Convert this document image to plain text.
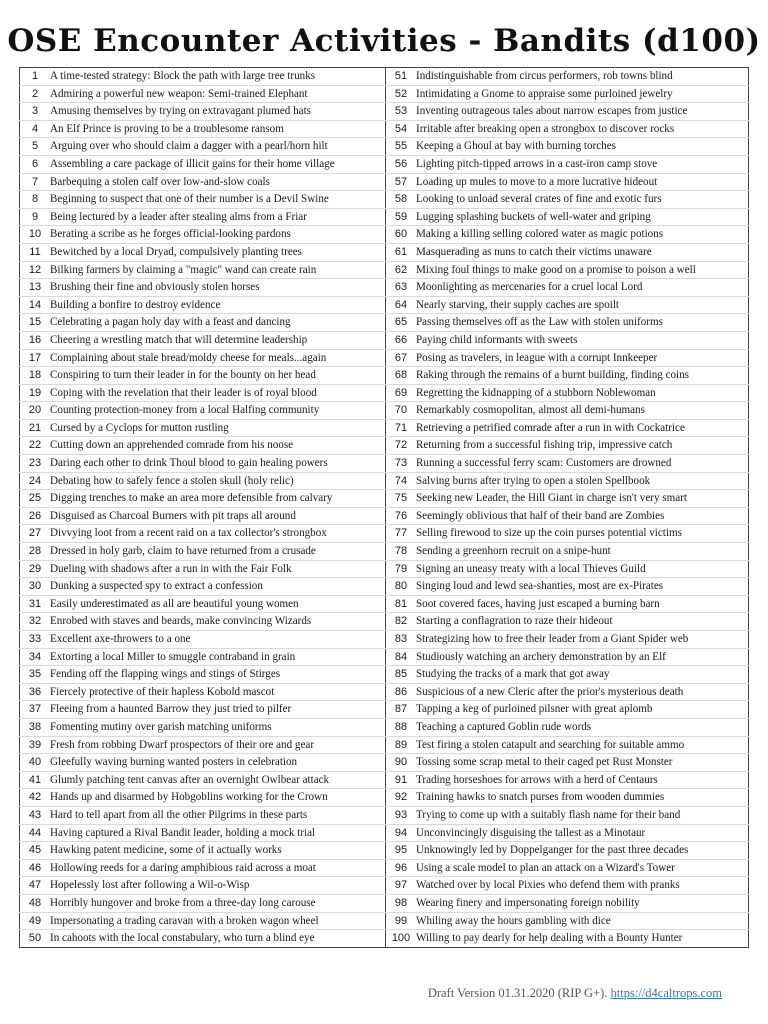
OSE Encounter Activities - Bandits (d100)
1	A time-tested strategy: Block the path with large tree trunks	51	Indistinguishable from circus performers, rob towns blind
2	Admiring a powerful new weapon: Semi-trained Elephant	52	Intimidating a Gnome to appraise some purloined jewelry
3	Amusing themselves by trying on extravagant plumed hats	53	Inventing outrageous tales about narrow escapes from justice
4	An Elf Prince is proving to be a troublesome ransom	54	Irritable after breaking open a strongbox to discover rocks
5	Arguing over who should claim a dagger with a pearl/horn hilt	55	Keeping a Ghoul at bay with burning torches
6	Assembling a care package of illicit gains for their home village	56	Lighting pitch-tipped arrows in a cast-iron camp stove
7	Barbequing a stolen calf over low-and-slow coals	57	Loading up mules to move to a more lucrative hideout
8	Beginning to suspect that one of their number is a Devil Swine	58	Looking to unload several crates of fine and exotic furs
9	Being lectured by a leader after stealing alms from a Friar	59	Lugging splashing buckets of well-water and griping
10	Berating a scribe as he forges official-looking pardons	60	Making a killing selling colored water as magic potions
11	Bewitched by a local Dryad, compulsively planting trees	61	Masquerading as nuns to catch their victims unaware
12	Bilking farmers by claiming a "magic" wand can create rain	62	Mixing foul things to make good on a promise to poison a well
13	Brushing their fine and obviously stolen horses	63	Moonlighting as mercenaries for a cruel local Lord
14	Building a bonfire to destroy evidence	64	Nearly starving, their supply caches are spoilt
15	Celebrating a pagan holy day with a feast and dancing	65	Passing themselves off as the Law with stolen uniforms
16	Cheering a wrestling match that will determine leadership	66	Paying child informants with sweets
17	Complaining about stale bread/moldy cheese for meals...again	67	Posing as travelers, in league with a corrupt Innkeeper
18	Conspiring to turn their leader in for the bounty on her head	68	Raking through the remains of a burnt building, finding coins
19	Coping with the revelation that their leader is of royal blood	69	Regretting the kidnapping of a stubborn Noblewoman
20	Counting protection-money from a local Halfing community	70	Remarkably cosmopolitan, almost all demi-humans
21	Cursed by a Cyclops for mutton rustling	71	Retrieving a petrified comrade after a run in with Cockatrice
22	Cutting down an apprehended comrade from his noose	72	Returning from a successful fishing trip, impressive catch
23	Daring each other to drink Thoul blood to gain healing powers	73	Running a successful ferry scam: Customers are drowned
24	Debating how to safely fence a stolen skull (holy relic)	74	Salving burns after trying to open a stolen Spellbook
25	Digging trenches to make an area more defensible from calvary	75	Seeking new Leader, the Hill Giant in charge isn't very smart
26	Disguised as Charcoal Burners with pit traps all around	76	Seemingly oblivious that half of their band are Zombies
27	Divvying loot from a recent raid on a tax collector's strongbox	77	Selling firewood to size up the coin purses potential victims
28	Dressed in holy garb, claim to have returned from a crusade	78	Sending a greenhorn recruit on a snipe-hunt
29	Dueling with shadows after a run in with the Fair Folk	79	Signing an uneasy treaty with a local Thieves Guild
30	Dunking a suspected spy to extract a confession	80	Singing loud and lewd sea-shanties, most are ex-Pirates
31	Easily underestimated as all are beautiful young women	81	Soot covered faces, having just escaped a burning barn
32	Enrobed with staves and beards, make convincing Wizards	82	Starting a conflagration to raze their hideout
33	Excellent axe-throwers to a one	83	Strategizing how to free their leader from a Giant Spider web
34	Extorting a local Miller to smuggle contraband in grain	84	Studiously watching an archery demonstration by an Elf
35	Fending off the flapping wings and stings of Stirges	85	Studying the tracks of a mark that got away
36	Fiercely protective of their hapless Kobold mascot	86	Suspicious of a new Cleric after the prior's mysterious death
37	Fleeing from a haunted Barrow they just tried to pilfer	87	Tapping a keg of purloined pilsner with great aplomb
38	Fomenting mutiny over garish matching uniforms	88	Teaching a captured Goblin rude words
39	Fresh from robbing Dwarf prospectors of their ore and gear	89	Test firing a stolen catapult and searching for suitable ammo
40	Gleefully waving burning wanted posters in celebration	90	Tossing some scrap metal to their caged pet Rust Monster
41	Glumly patching tent canvas after an overnight Owlbear attack	91	Trading horseshoes for arrows with a herd of Centaurs
42	Hands up and disarmed by Hobgoblins working for the Crown	92	Training hawks to snatch purses from wooden dummies
43	Hard to tell apart from all the other Pilgrims in these parts	93	Trying to come up with a suitably flash name for their band
44	Having captured a Rival Bandit leader, holding a mock trial	94	Unconvincingly disguising the tallest as a Minotaur
45	Hawking patent medicine, some of it actually works	95	Unknowingly led by Doppelganger for the past three decades
46	Hollowing reeds for a daring amphibious raid across a moat	96	Using a scale model to plan an attack on a Wizard's Tower
47	Hopelessly lost after following a Wil-o-Wisp	97	Watched over by local Pixies who defend them with pranks
48	Horribly hungover and broke from a three-day long carouse	98	Wearing finery and impersonating foreign nobility
49	Impersonating a trading caravan with a broken wagon wheel	99	Whiling away the hours gambling with dice
50	In cahoots with the local constabulary, who turn a blind eye	100	Willing to pay dearly for help dealing with a Bounty Hunter
Draft Version 01.31.2020 (RIP G+). https://d4caltrops.com
